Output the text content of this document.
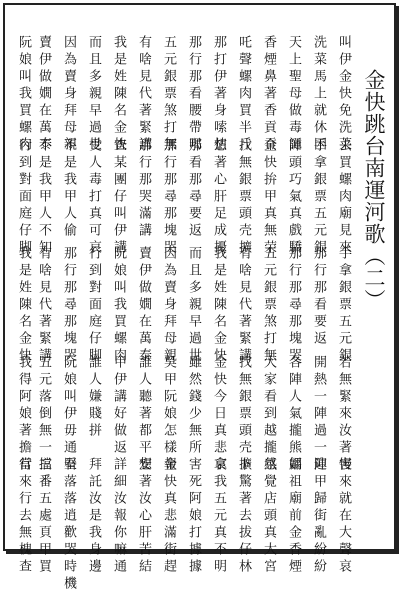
金快跳台南運河歌（二）
叫伊金快免洗菜
洗菜馬上就休困
天上聖母做毒誕
香煙鼻著香貢貢
吒聲螺肉買半斤
那打伊著身嗦怙
那行那看腰帶喝
五元銀票煞打無
有啥見代著緊講
我是姓陳名金快
而且多親早過世
因為賣身拜母親
賣伊做嫺在萬泰
阮娘叫我買螺肉
去買螺肉廟見來
手拿銀票五元銀
陣頭巧氣真戲驕
金快拚甲真無荣
找無銀票頭壳擴
想著心肝足成擾
那看那尋要返
那行那尋那塊哭
那行那哭滿講
查某團仔叫伊講
受人毒打真可哀
不是我甲人偷
不是我甲人不知
行到對面庭仔脚
手拿銀票五元銀
那行那看要返
那行那尋那塊哭
五元銀票煞打無
有啥見代著緊講
我是姓陳名金快
而且多親早過世
因為賣身拜母親
賣伊做嫺在萬泰
阮娘叫我買螺肉
行到對面庭仔脚
那行那尋那塊哭
有啥見代著緊講
我是姓陳名金快
若無緊來汝著害
開熱一陣過一陣
各陣人氣攏熊翩
大家看到越攏氛
找無銀票頭壳擴
金快今日真悲哀
雖然錢少無所
吳甲阮娘怎樣報
誰人聽著都平安
甲伊講好做返
誰人嫌賤拼
阮娘叫伊毋通看
五元落倒無一擋
我得阿娘著擔當
慢來就在大聲哀
迎甲歸街亂紛紛
媽祖廟前金香煙
感覺店頭真大宮
卜驚著去拔仔林
拿我五元真不明
害死阿娘打據據
金快真悲滿街趕
想著汝心肝苦結
詳細汝報你嘛通
拜託汝是我身邊
堅落落逍歡哭時機
三番五處頁甲買
行來行去無槐查
